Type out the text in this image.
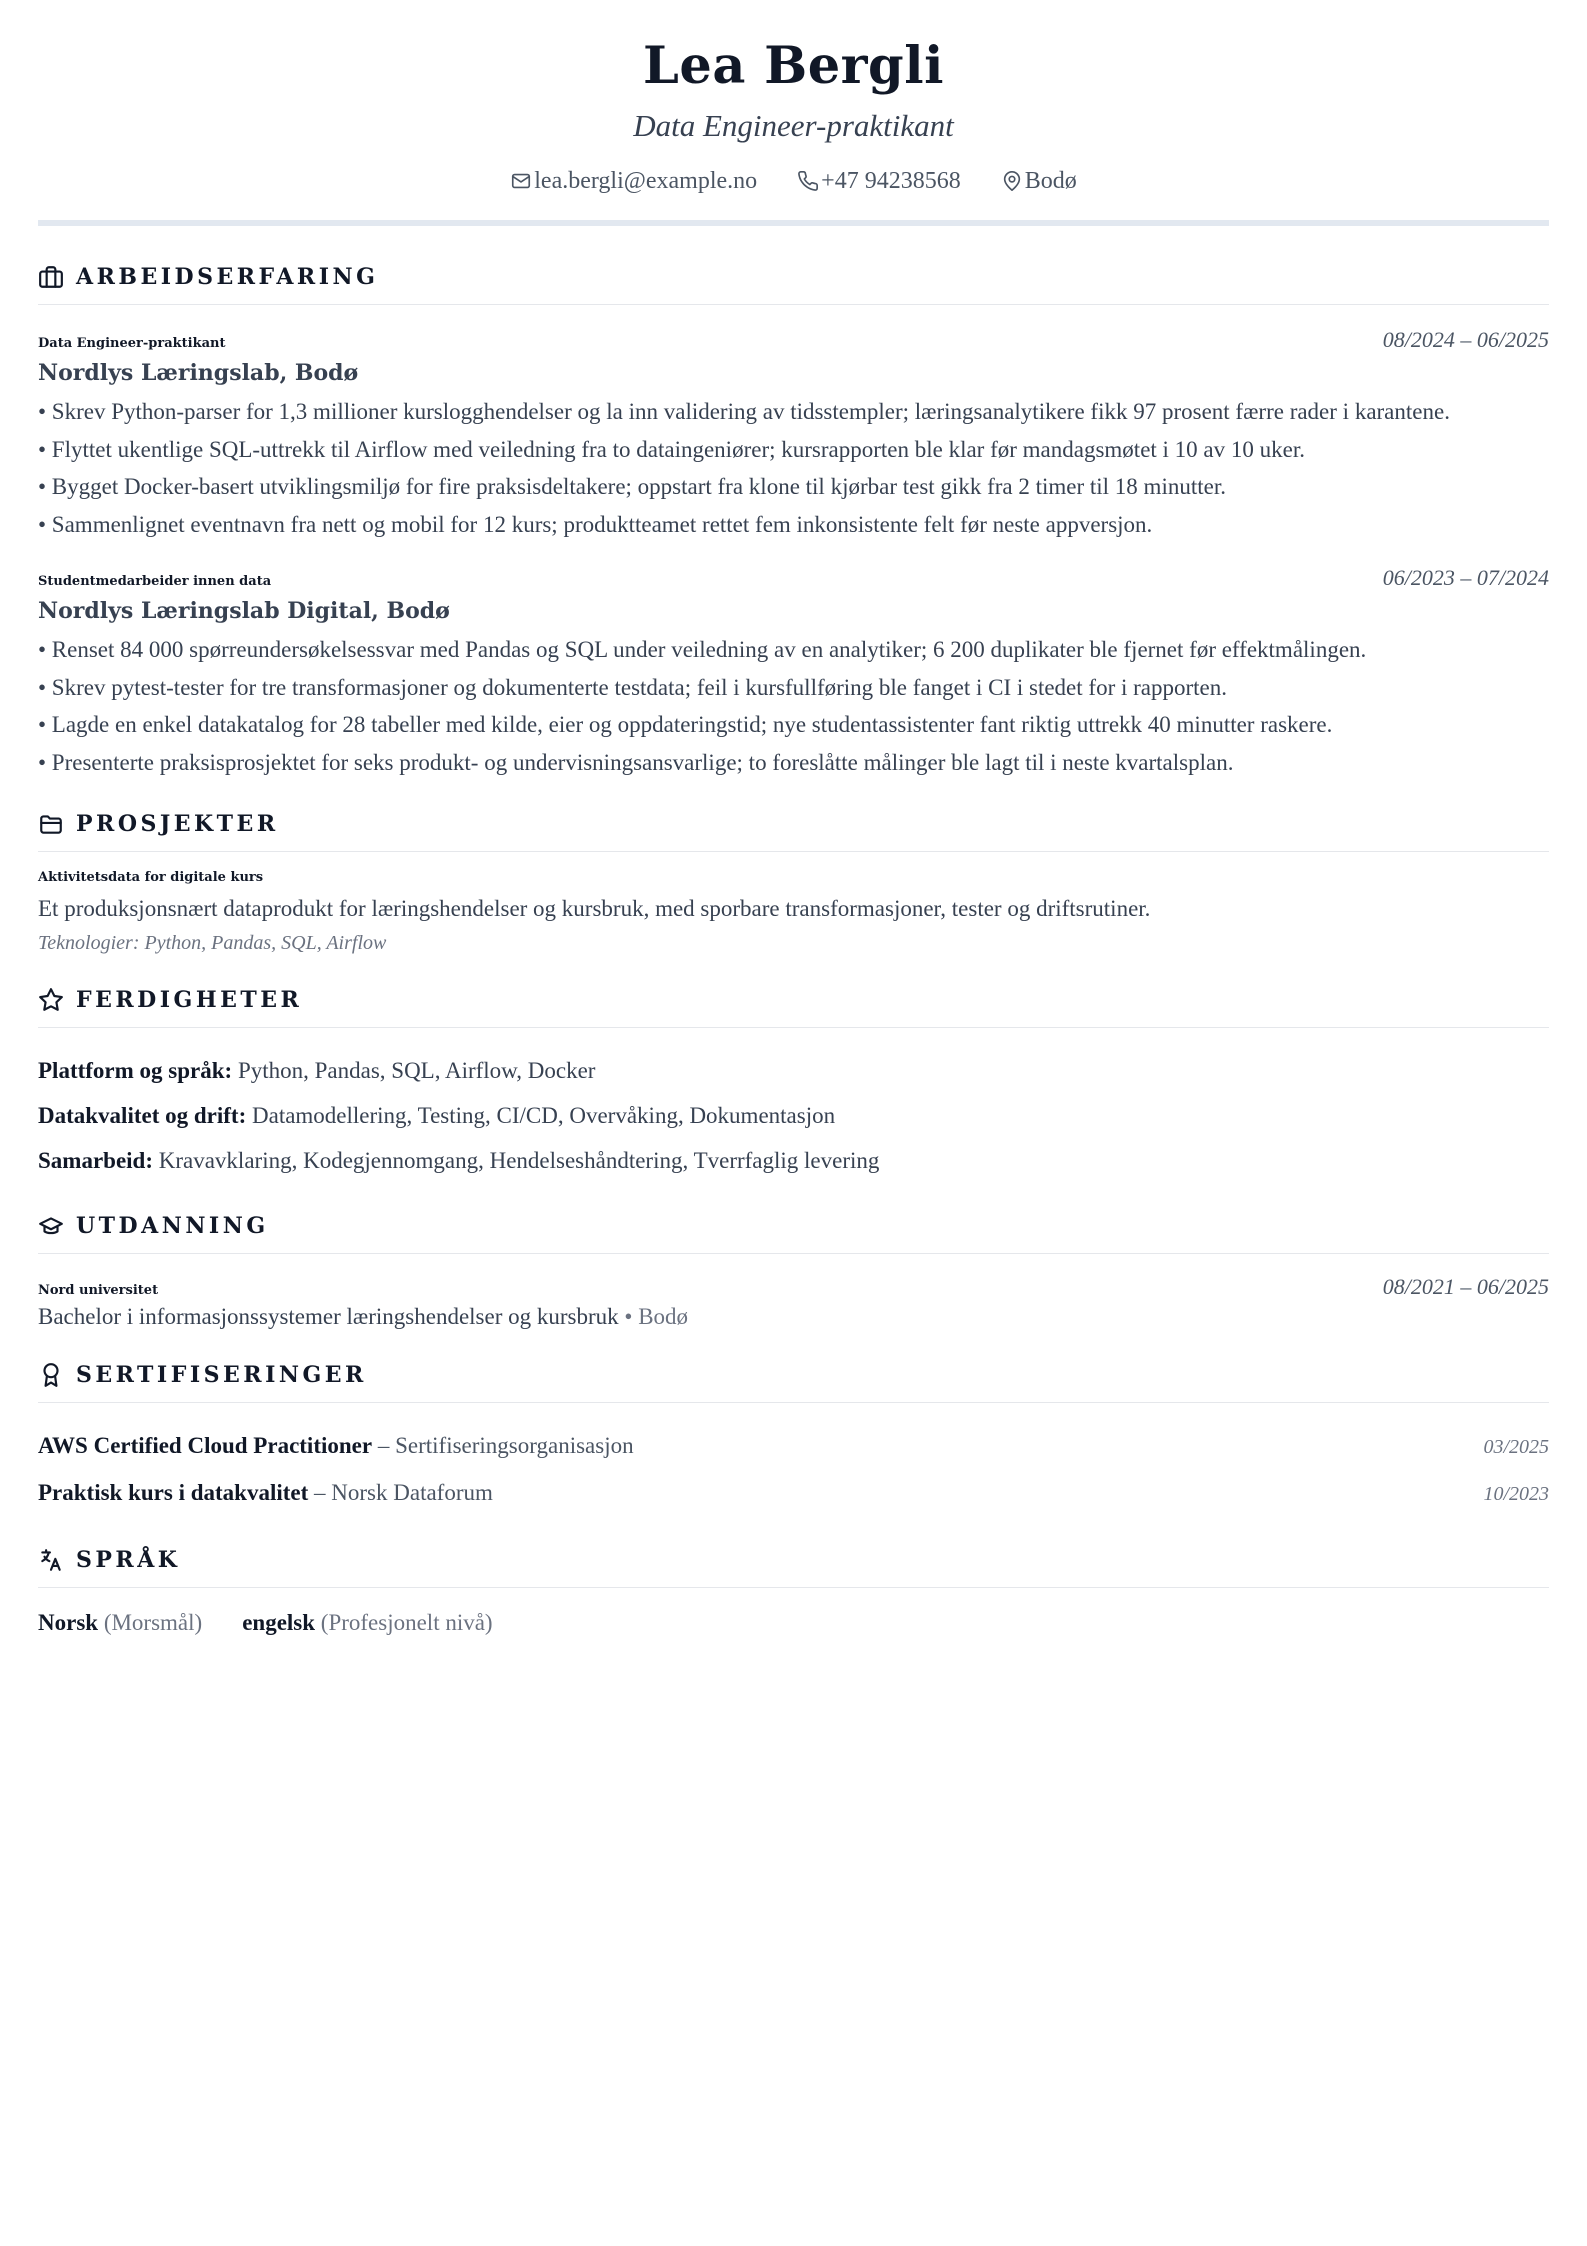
Lea Bergli
Data Engineer-praktikant
lea.bergli@example.no	+47 94238568	Bodø
ARBEIDSERFARING
Data Engineer-praktikant	08/2024 – 06/2025
Nordlys Læringslab, Bodø
• Skrev Python-parser for 1,3 millioner kurslogghendelser og la inn validering av tidsstempler; læringsanalytikere fikk 97 prosent færre rader i karantene.
• Flyttet ukentlige SQL-uttrekk til Airflow med veiledning fra to dataingeniører; kursrapporten ble klar før mandagsmøtet i 10 av 10 uker.
• Bygget Docker-basert utviklingsmiljø for fire praksisdeltakere; oppstart fra klone til kjørbar test gikk fra 2 timer til 18 minutter.
• Sammenlignet eventnavn fra nett og mobil for 12 kurs; produktteamet rettet fem inkonsistente felt før neste appversjon.
Studentmedarbeider innen data	06/2023 – 07/2024
Nordlys Læringslab Digital, Bodø
• Renset 84 000 spørreundersøkelsessvar med Pandas og SQL under veiledning av en analytiker; 6 200 duplikater ble fjernet før effektmålingen.
• Skrev pytest-tester for tre transformasjoner og dokumenterte testdata; feil i kursfullføring ble fanget i CI i stedet for i rapporten.
• Lagde en enkel datakatalog for 28 tabeller med kilde, eier og oppdateringstid; nye studentassistenter fant riktig uttrekk 40 minutter raskere.
• Presenterte praksisprosjektet for seks produkt- og undervisningsansvarlige; to foreslåtte målinger ble lagt til i neste kvartalsplan.
PROSJEKTER
Aktivitetsdata for digitale kurs
Et produksjonsnært dataprodukt for læringshendelser og kursbruk, med sporbare transformasjoner, tester og driftsrutiner.
Teknologier: Python, Pandas, SQL, Airflow
FERDIGHETER
Plattform og språk: Python, Pandas, SQL, Airflow, Docker
Datakvalitet og drift: Datamodellering, Testing, CI/CD, Overvåking, Dokumentasjon
Samarbeid: Kravavklaring, Kodegjennomgang, Hendelseshåndtering, Tverrfaglig levering
UTDANNING
Nord universitet	08/2021 – 06/2025
Bachelor i informasjonssystemer læringshendelser og kursbruk • Bodø
SERTIFISERINGER
AWS Certified Cloud Practitioner – Sertifiseringsorganisasjon	03/2025
Praktisk kurs i datakvalitet – Norsk Dataforum	10/2023
SPRÅK
Norsk (Morsmål) engelsk (Profesjonelt nivå)
